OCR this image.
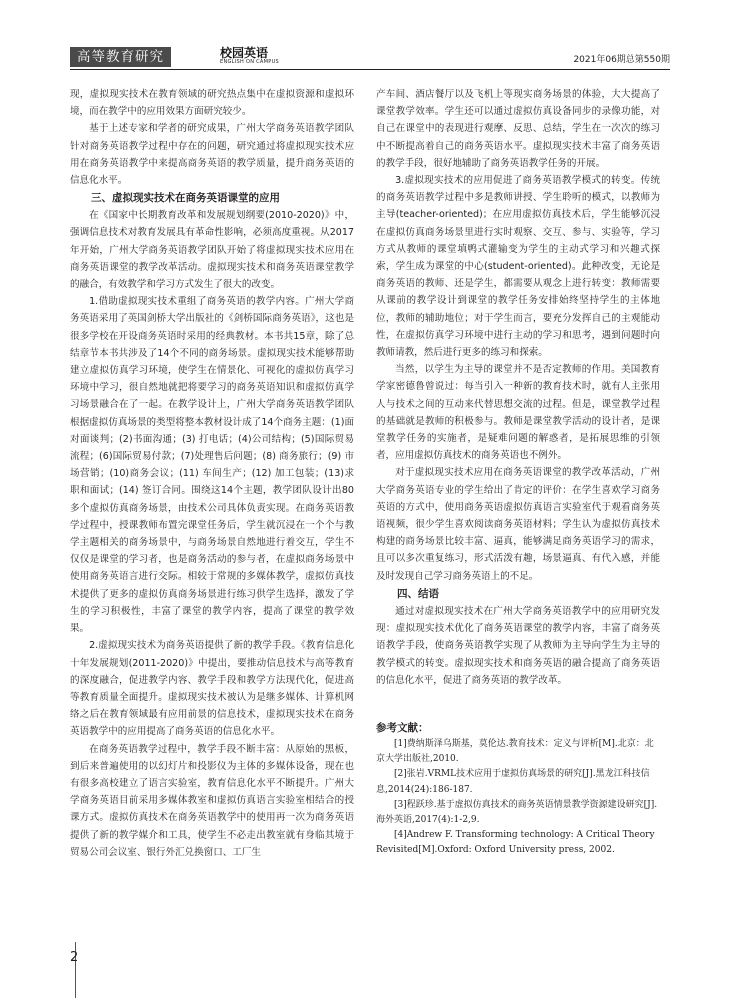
高等教育研究	校园英语
ENGLISH ON CAMPUS	2021年06期总第550期

现，虚拟现实技术在教育领域的研究热点集中在虚拟资源和虚拟环境，而在教学中的应用效果方面研究较少。

基于上述专家和学者的研究成果，广州大学商务英语教学团队针对商务英语教学过程中存在的问题，研究通过将虚拟现实技术应用在商务英语教学中来提高商务英语的教学质量，提升商务英语的信息化水平。

三、虚拟现实技术在商务英语课堂的应用

在《国家中长期教育改革和发展规划纲要(2010-2020)》中，强调信息技术对教育发展具有革命性影响，必须高度重视。从2017年开始，广州大学商务英语教学团队开始了将虚拟现实技术应用在商务英语课堂的教学改革活动。虚拟现实技术和商务英语课堂教学的融合，有效教学和学习方式发生了很大的改变。

1.借助虚拟现实技术重组了商务英语的教学内容。广州大学商务英语采用了英国剑桥大学出版社的《剑桥国际商务英语》，这也是很多学校在开设商务英语时采用的经典教材。本书共15章，除了总结章节本书共涉及了14个不同的商务场景。虚拟现实技术能够帮助建立虚拟仿真学习环境，使学生在情景化、可视化的虚拟仿真学习环境中学习，很自然地就把将要学习的商务英语知识和虚拟仿真学习场景融合在了一起。在教学设计上，广州大学商务英语教学团队根据虚拟仿真场景的类型将整本教材设计成了14个商务主题：(1)面对面谈判；(2)书面沟通；(3) 打电话；(4)公司结构；(5)国际贸易流程；(6)国际贸易付款；(7)处理售后问题；(8) 商务旅行；(9) 市场营销；(10)商务会议；(11) 车间生产；(12) 加工包装；(13)求职和面试；(14) 签订合同。围绕这14个主题，教学团队设计出80多个虚拟仿真商务场景，由技术公司具体负责实现。在商务英语教学过程中，授课教师布置完课堂任务后，学生就沉浸在一个个与教学主题相关的商务场景中，与商务场景自然地进行着交互，学生不仅仅是课堂的学习者，也是商务活动的参与者，在虚拟商务场景中使用商务英语言进行交际。相较于常规的多媒体教学，虚拟仿真技术提供了更多的虚拟仿真商务场景进行练习供学生选择，激发了学生的学习积极性，丰富了课堂的教学内容，提高了课堂的教学效果。

2.虚拟现实技术为商务英语提供了新的教学手段。《教育信息化十年发展规划(2011-2020)》中提出，要推动信息技术与高等教育的深度融合，促进教学内容、教学手段和教学方法现代化，促进高等教育质量全面提升。虚拟现实技术被认为是继多媒体、计算机网络之后在教育领域最有应用前景的信息技术，虚拟现实技术在商务英语教学中的应用提高了商务英语的信息化水平。

在商务英语教学过程中，教学手段不断丰富：从原始的黑板，到后来普遍使用的以幻灯片和投影仪为主体的多媒体设备，现在也有很多高校建立了语言实验室，教育信息化水平不断提升。广州大学商务英语目前采用多媒体教室和虚拟仿真语言实验室相结合的授课方式。虚拟仿真技术在商务英语教学中的使用再一次为商务英语提供了新的教学媒介和工具，使学生不必走出教室就有身临其境于贸易公司会议室、银行外汇兑换窗口、工厂生

产车间、酒店餐厅以及飞机上等现实商务场景的体验，大大提高了课堂教学效率。学生还可以通过虚拟仿真设备同步的录像功能，对自己在课堂中的表现进行观摩、反思、总结，学生在一次次的练习中不断提高着自己的商务英语水平。虚拟现实技术丰富了商务英语的教学手段，很好地辅助了商务英语教学任务的开展。

3.虚拟现实技术的应用促进了商务英语教学模式的转变。传统的商务英语教学过程中多是教师讲授、学生聆听的模式，以教师为主导(teacher-oriented)；在应用虚拟仿真技术后，学生能够沉浸在虚拟仿真商务场景里进行实时观察、交互、参与、实验等，学习方式从教师的课堂填鸭式灌输变为学生的主动式学习和兴趣式探索，学生成为课堂的中心(student-oriented)。此种改变，无论是商务英语的教师、还是学生，都需要从观念上进行转变：教师需要从课前的教学设计到课堂的教学任务安排始终坚持学生的主体地位，教师的辅助地位；对于学生而言，要充分发挥自己的主观能动性，在虚拟仿真学习环境中进行主动的学习和思考，遇到问题时向教师请教，然后进行更多的练习和探索。

当然，以学生为主导的课堂并不是否定教师的作用。美国教育学家密德鲁曾说过：每当引入一种新的教育技术时，就有人主张用人与技术之间的互动来代替思想交流的过程。但是，课堂教学过程的基础就是教师的积极参与。教师是课堂教学活动的设计者，是课堂教学任务的实施者，是疑难问题的解惑者，是拓展思维的引领者，应用虚拟仿真技术的商务英语也不例外。

对于虚拟现实技术应用在商务英语课堂的教学改革活动，广州大学商务英语专业的学生给出了肯定的评价：在学生喜欢学习商务英语的方式中，使用商务英语虚拟仿真语言实验室代于观看商务英语视频，很少学生喜欢阅读商务英语材料；学生认为虚拟仿真技术构建的商务场景比较丰富、逼真，能够满足商务英语学习的需求，且可以多次重复练习，形式活泼有趣，场景逼真、有代入感，并能及时发现自己学习商务英语上的不足。

四、结语

通过对虚拟现实技术在广州大学商务英语教学中的应用研究发现：虚拟现实技术优化了商务英语课堂的教学内容，丰富了商务英语教学手段，使商务英语教学实现了从教师为主导向学生为主导的教学模式的转变。虚拟现实技术和商务英语的融合提高了商务英语的信息化水平，促进了商务英语的教学改革。

参考文献：

[1]费纳斯泽乌斯基，莫伦达.教育技术：定义与评析[M].北京：北京大学出版社,2010.

[2]张岩.VRML技术应用于虚拟仿真场景的研究[J].黑龙江科技信息,2014(24):186-187.

[3]程跃珍.基于虚拟仿真技术的商务英语情景教学资源建设研究[J].海外英语,2017(4):1-2,9.

[4]Andrew F. Transforming technology: A Critical Theory Revisited[M].Oxford: Oxford University press, 2002.

2
